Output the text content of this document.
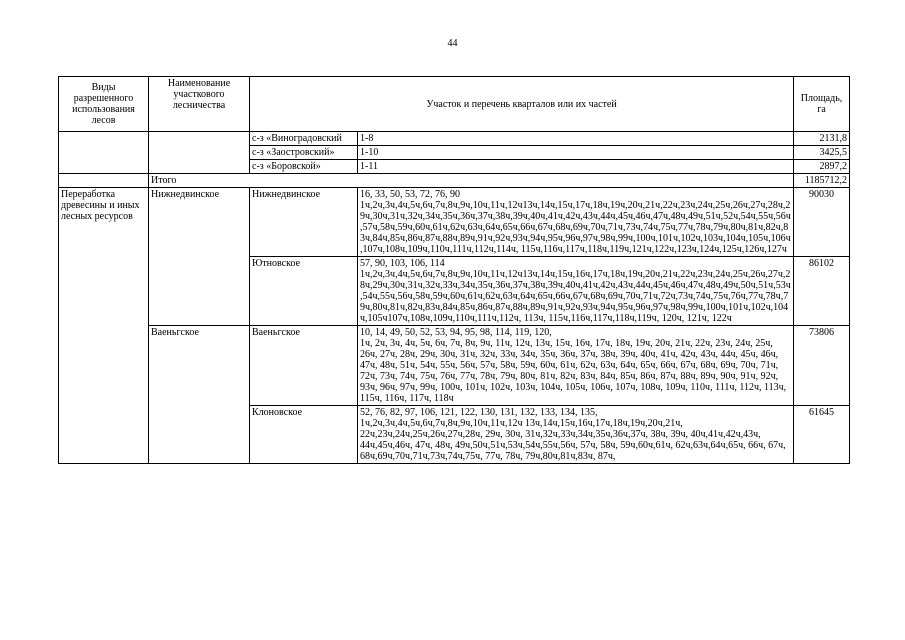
44
Виды разрешенного использования лесов	Наименование участкового лесничества	Участок и перечень кварталов или их частей		Площадь, га
		с-з «Виноградовский	1-8	2131,8
		с-з «Заостровский»	1-10	3425,5
		с-з «Боровской»	1-11	2897,2
	Итого			1185712,2
Переработка древесины и иных лесных ресурсов	Нижнедвинское	Нижнедвинское	16, 33, 50, 53, 72, 76, 90
1ч,2ч,3ч,4ч,5ч,6ч,7ч,8ч,9ч,10ч,11ч,12ч13ч,14ч,15ч,17ч,18ч,19ч,20ч,21ч,22ч,23ч,24ч,25ч,26ч,27ч,28ч,29ч,30ч,31ч,32ч,34ч,35ч,36ч,37ч,38ч,39ч,40ч,41ч,42ч,43ч,44ч,45ч,46ч,47ч,48ч,49ч,51ч,52ч,54ч,55ч,56ч,57ч,58ч,59ч,60ч,61ч,62ч,63ч,64ч,65ч,66ч,67ч,68ч,69ч,70ч,71ч,73ч,74ч,75ч,77ч,78ч,79ч,80ч,81ч,82ч,83ч,84ч,85ч,86ч,87ч,88ч,89ч,91ч,92ч,93ч,94ч,95ч,96ч,97ч,98ч,99ч,100ч,101ч,102ч,103ч,104ч,105ч,106ч,107ч,108ч,109ч,110ч,111ч,112ч,114ч, 115ч,116ч,117ч,118ч,119ч,121ч,122ч,123ч,124ч,125ч,126ч,127ч	90030
		Ютновское	57, 90, 103, 106, 114
1ч,2ч,3ч,4ч,5ч,6ч,7ч,8ч,9ч,10ч,11ч,12ч13ч,14ч,15ч,16ч,17ч,18ч,19ч,20ч,21ч,22ч,23ч,24ч,25ч,26ч,27ч,28ч,29ч,30ч,31ч,32ч,33ч,34ч,35ч,36ч,37ч,38ч,39ч,40ч,41ч,42ч,43ч,44ч,45ч,46ч,47ч,48ч,49ч,50ч,51ч,53ч,54ч,55ч,56ч,58ч,59ч,60ч,61ч,62ч,63ч,64ч,65ч,66ч,67ч,68ч,69ч,70ч,71ч,72ч,73ч,74ч,75ч,76ч,77ч,78ч,79ч,80ч,81ч,82ч,83ч,84ч,85ч,86ч,87ч,88ч,89ч,91ч,92ч,93ч,94ч,95ч,96ч,97ч,98ч,99ч,100ч,101ч,102ч,104ч,105ч107ч,108ч,109ч,110ч,111ч,112ч, 113ч, 115ч,116ч,117ч,118ч,119ч, 120ч, 121ч, 122ч	86102
	Ваеньгское	Ваеньгское	10, 14, 49, 50, 52, 53, 94, 95, 98, 114, 119, 120,
1ч, 2ч, 3ч, 4ч, 5ч, 6ч, 7ч, 8ч, 9ч, 11ч, 12ч, 13ч, 15ч, 16ч, 17ч, 18ч, 19ч, 20ч, 21ч, 22ч, 23ч, 24ч, 25ч, 26ч, 27ч, 28ч, 29ч, 30ч, 31ч, 32ч, 33ч, 34ч, 35ч, 36ч, 37ч, 38ч, 39ч, 40ч, 41ч, 42ч, 43ч, 44ч, 45ч, 46ч, 47ч, 48ч, 51ч, 54ч, 55ч, 56ч, 57ч, 58ч, 59ч, 60ч, 61ч, 62ч, 63ч, 64ч, 65ч, 66ч, 67ч, 68ч, 69ч, 70ч, 71ч, 72ч, 73ч, 74ч, 75ч, 76ч, 77ч, 78ч, 79ч, 80ч, 81ч, 82ч, 83ч, 84ч, 85ч, 86ч, 87ч, 88ч, 89ч, 90ч, 91ч, 92ч, 93ч, 96ч, 97ч, 99ч, 100ч, 101ч, 102ч, 103ч, 104ч, 105ч, 106ч, 107ч, 108ч, 109ч, 110ч, 111ч, 112ч, 113ч, 115ч, 116ч, 117ч, 118ч	73806
		Клоновское	52, 76, 82, 97, 106, 121, 122, 130, 131, 132, 133, 134, 135,
1ч,2ч,3ч,4ч,5ч,6ч,7ч,8ч,9ч,10ч,11ч,12ч 13ч,14ч,15ч,16ч,17ч,18ч,19ч,20ч,21ч, 22ч,23ч,24ч,25ч,26ч,27ч,28ч, 29ч, 30ч, 31ч,32ч,33ч,34ч,35ч,36ч,37ч, 38ч, 39ч, 40ч,41ч,42ч,43ч, 44ч,45ч,46ч, 47ч, 48ч, 49ч,50ч,51ч,53ч,54ч,55ч,56ч, 57ч, 58ч, 59ч,60ч,61ч, 62ч,63ч,64ч,65ч, 66ч, 67ч, 68ч,69ч,70ч,71ч,73ч,74ч,75ч, 77ч, 78ч, 79ч,80ч,81ч,83ч, 87ч,	61645
